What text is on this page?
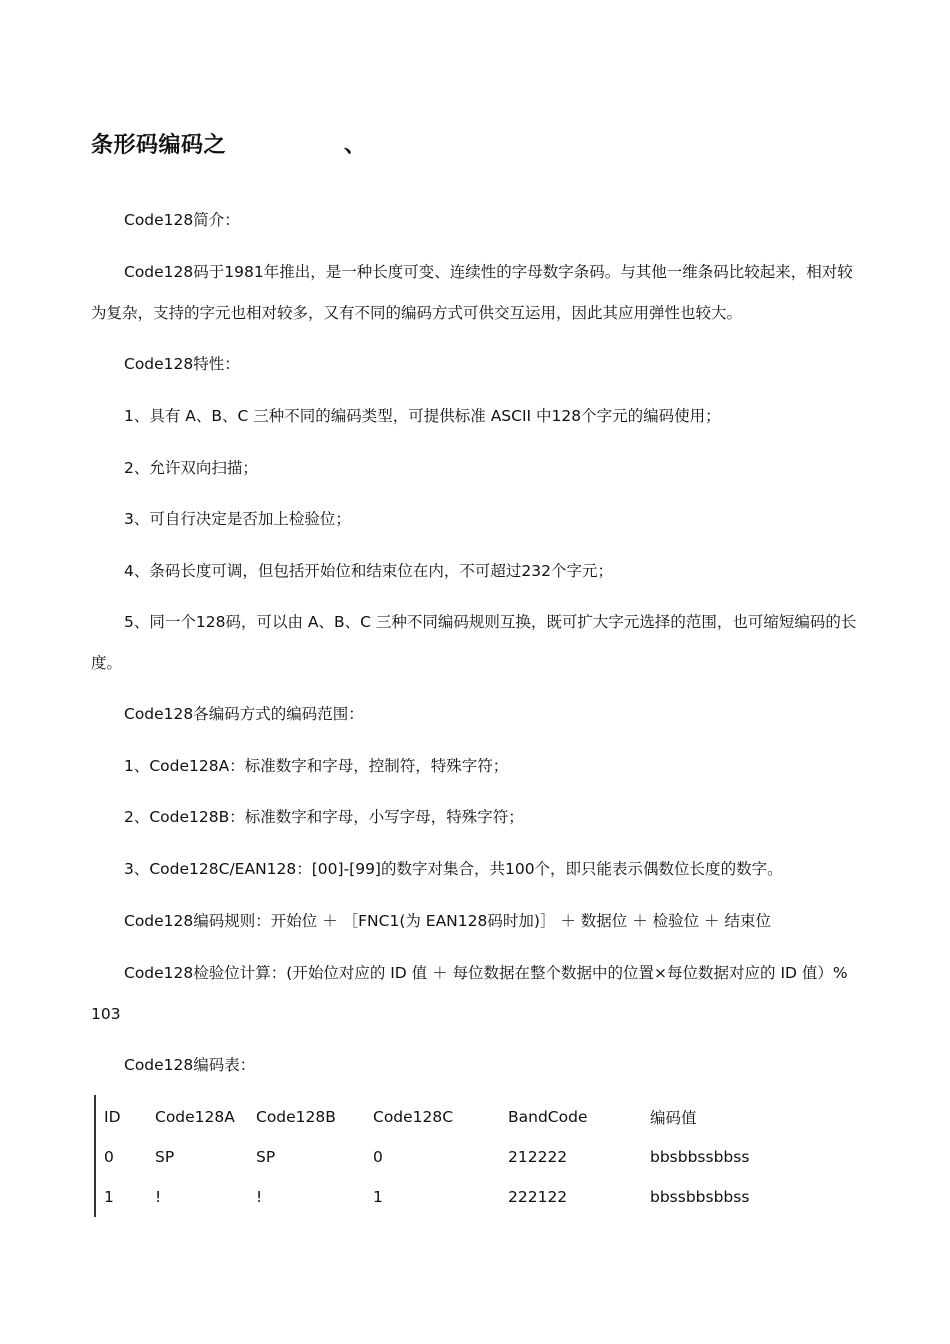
条形码编码之	、
Code128简介：
Code128码于1981年推出，是一种长度可变、连续性的字母数字条码。与其他一维条码比较起来，相对较为复杂，支持的字元也相对较多，又有不同的编码方式可供交互运用，因此其应用弹性也较大。
Code128特性：
1、具有 A、B、C 三种不同的编码类型，可提供标准 ASCII 中128个字元的编码使用；
2、允许双向扫描；
3、可自行决定是否加上检验位；
4、条码长度可调，但包括开始位和结束位在内，不可超过232个字元；
5、同一个128码，可以由 A、B、C 三种不同编码规则互换，既可扩大字元选择的范围，也可缩短编码的长度。
Code128各编码方式的编码范围：
1、Code128A：标准数字和字母，控制符，特殊字符；
2、Code128B：标准数字和字母，小写字母，特殊字符；
3、Code128C/EAN128：[00]-[99]的数字对集合，共100个，即只能表示偶数位长度的数字。
Code128编码规则：开始位 ＋ ［FNC1(为 EAN128码时加)］ ＋ 数据位 ＋ 检验位 ＋ 结束位
Code128检验位计算：(开始位对应的 ID 值 ＋ 每位数据在整个数据中的位置×每位数据对应的 ID 值）% 103
Code128编码表：
ID	Code128A	Code128B	Code128C	BandCode	编码值
0	SP	SP	0	212222	bbsbbssbbss
1	!	!	1	222122	bbssbbsbbss
